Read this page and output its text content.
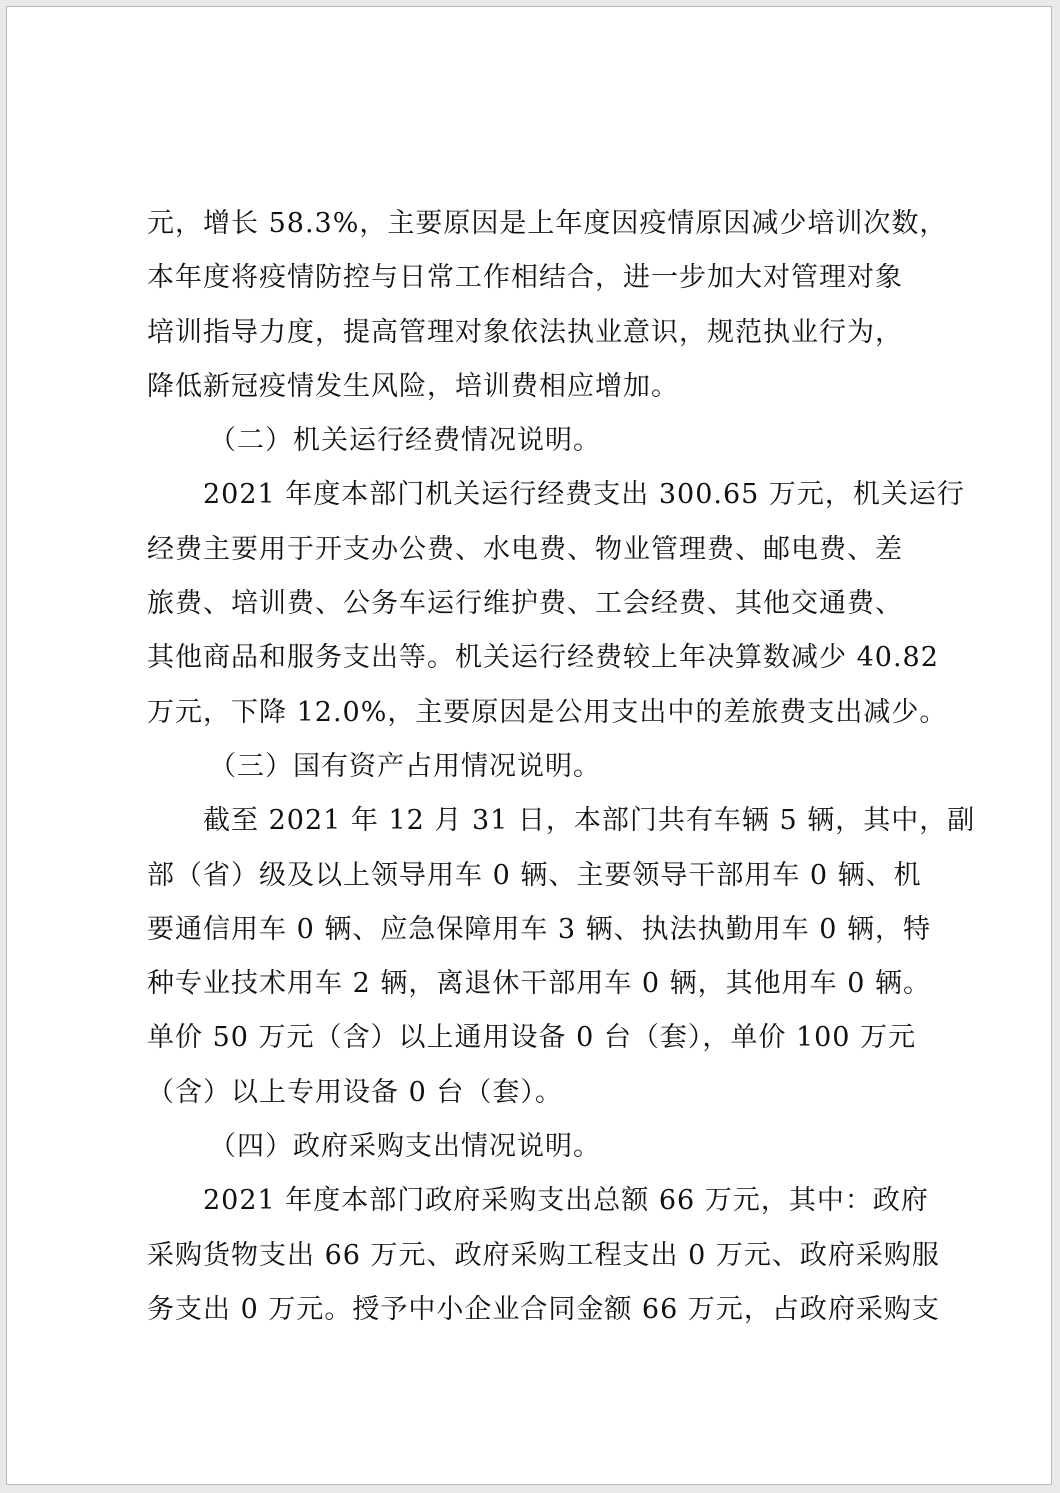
元，增长 58.3%，主要原因是上年度因疫情原因减少培训次数，
本年度将疫情防控与日常工作相结合，进一步加大对管理对象
培训指导力度，提高管理对象依法执业意识，规范执业行为，
降低新冠疫情发生风险，培训费相应增加。
（二）机关运行经费情况说明。
2021 年度本部门机关运行经费支出 300.65 万元，机关运行
经费主要用于开支办公费、水电费、物业管理费、邮电费、差
旅费、培训费、公务车运行维护费、工会经费、其他交通费、
其他商品和服务支出等。机关运行经费较上年决算数减少 40.82
万元，下降 12.0%，主要原因是公用支出中的差旅费支出减少。
（三）国有资产占用情况说明。
截至 2021 年 12 月 31 日，本部门共有车辆 5 辆，其中，副
部（省）级及以上领导用车 0 辆、主要领导干部用车 0 辆、机
要通信用车 0 辆、应急保障用车 3 辆、执法执勤用车 0 辆，特
种专业技术用车 2 辆，离退休干部用车 0 辆，其他用车 0 辆。
单价 50 万元（含）以上通用设备 0 台（套），单价 100 万元
（含）以上专用设备 0 台（套）。
（四）政府采购支出情况说明。
2021 年度本部门政府采购支出总额 66 万元，其中：政府
采购货物支出 66 万元、政府采购工程支出 0 万元、政府采购服
务支出 0 万元。授予中小企业合同金额 66 万元，占政府采购支
